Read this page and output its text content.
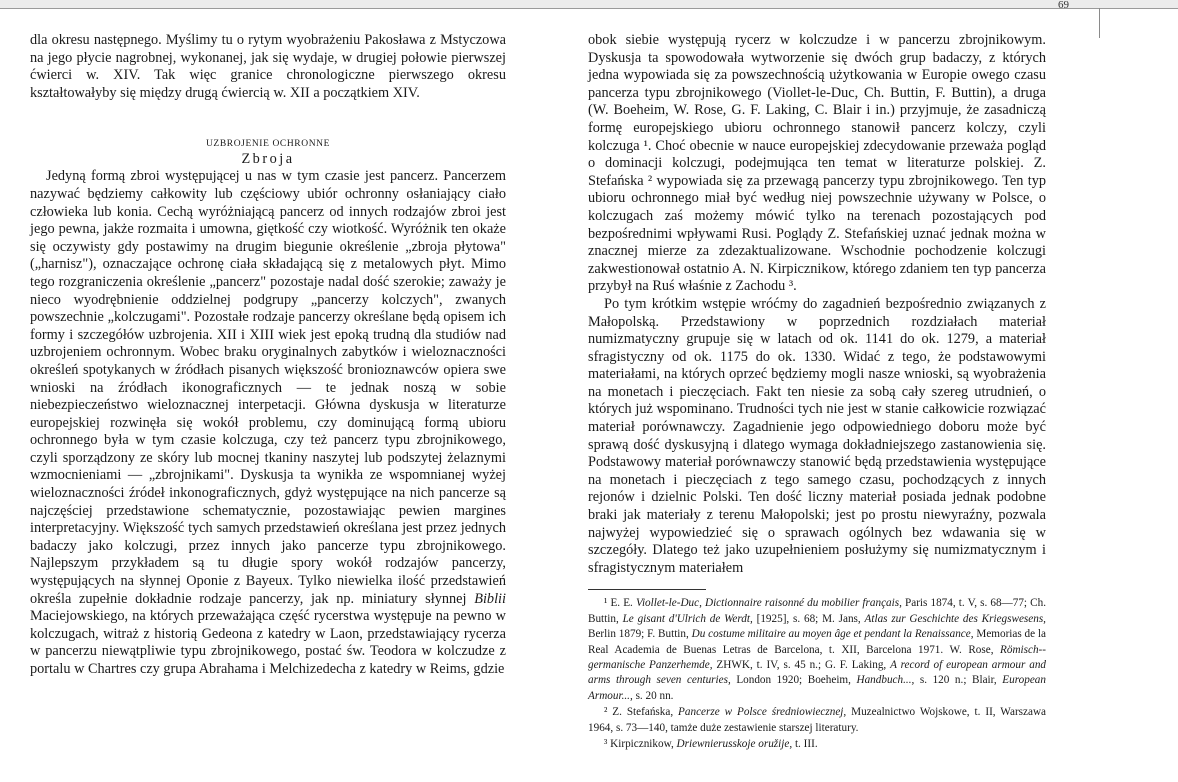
69

dla okresu następnego. Myślimy tu o rytym wyobrażeniu Pakosława z Mstyczowa na jego płycie nagrobnej, wykonanej, jak się wydaje, w drugiej połowie pierwszej ćwierci w. XIV. Tak więc granice chronologiczne pierwszego okresu kształtowałyby się między drugą ćwiercią w. XII a początkiem XIV.

UZBROJENIE OCHRONNE

Zbroja

Jedyną formą zbroi występującej u nas w tym czasie jest pancerz. Pancerzem nazywać będziemy całkowity lub częściowy ubiór ochronny osłaniający ciało człowieka lub konia. Cechą wyróżniającą pancerz od innych rodzajów zbroi jest jego pewna, jakże rozmaita i umowna, giętkość czy wiotkość. Wyróżnik ten okaże się oczywisty gdy postawimy na drugim biegunie określenie „zbroja płytowa" („harnisz"), oznaczające ochronę ciała składającą się z metalowych płyt. Mimo tego rozgraniczenia określenie „pancerz" pozostaje nadal dość szerokie; zaważy je nieco wyodrębnienie oddzielnej podgrupy „pancerzy kolczych", zwanych powszechnie „kolczugami". Pozostałe rodzaje pancerzy określane będą opisem ich formy i szczegółów uzbrojenia. XII i XIII wiek jest epoką trudną dla studiów nad uzbrojeniem ochronnym. Wobec braku oryginalnych zabytków i wieloznaczności określeń spotykanych w źródłach pisanych większość bronioznawców opiera swe wnioski na źródłach ikonograficznych — te jednak noszą w sobie niebezpieczeństwo wieloznacznej interpetacji. Główna dyskusja w literaturze europejskiej rozwinęła się wokół problemu, czy dominującą formą ubioru ochronnego była w tym czasie kolczuga, czy też pancerz typu zbrojnikowego, czyli sporządzony ze skóry lub mocnej tkaniny naszytej lub podszytej żelaznymi wzmocnieniami — „zbrojnikami". Dyskusja ta wynikła ze wspomnianej wyżej wieloznaczności źródeł inkonograficznych, gdyż występujące na nich pancerze są najczęściej przedstawione schematycznie, pozostawiając pewien margines interpretacyjny. Większość tych samych przedstawień określana jest przez jednych badaczy jako kolczugi, przez innych jako pancerze typu zbrojnikowego. Najlepszym przykładem są tu długie spory wokół rodzajów pancerzy, występujących na słynnej Oponie z Bayeux. Tylko niewielka ilość przedstawień określa zupełnie dokładnie rodzaje pancerzy, jak np. miniatury słynnej Biblii Maciejowskiego, na których przeważająca część rycerstwa występuje na pewno w kolczugach, witraż z historią Gedeona z katedry w Laon, przedstawiający rycerza w pancerzu niewątpliwie typu zbrojnikowego, postać św. Teodora w kolczudze z portalu w Chartres czy grupa Abrahama i Melchizedecha z katedry w Reims, gdzie

obok siebie występują rycerz w kolczudze i w pancerzu zbrojnikowym. Dyskusja ta spowodowała wytworzenie się dwóch grup badaczy, z których jedna wypowiada się za powszechnością użytkowania w Europie owego czasu pancerza typu zbrojnikowego (Viollet-le-Duc, Ch. Buttin, F. Buttin), a druga (W. Boeheim, W. Rose, G. F. Laking, C. Blair i in.) przyjmuje, że zasadniczą formę europejskiego ubioru ochronnego stanowił pancerz kolczy, czyli kolczuga ¹. Choć obecnie w nauce europejskiej zdecydowanie przeważa pogląd o dominacji kolczugi, podejmująca ten temat w literaturze polskiej. Z. Stefańska ² wypowiada się za przewagą pancerzy typu zbrojnikowego. Ten typ ubioru ochronnego miał być według niej powszechnie używany w Polsce, o kolczugach zaś możemy mówić tylko na terenach pozostających pod bezpośrednimi wpływami Rusi. Poglądy Z. Stefańskiej uznać jednak można w znacznej mierze za zdezaktualizowane. Wschodnie pochodzenie kolczugi zakwestionował ostatnio A. N. Kirpicznikow, którego zdaniem ten typ pancerza przybył na Ruś właśnie z Zachodu ³.

Po tym krótkim wstępie wróćmy do zagadnień bezpośrednio związanych z Małopolską. Przedstawiony w poprzednich rozdziałach materiał numizmatyczny grupuje się w latach od ok. 1141 do ok. 1279, a materiał sfragistyczny od ok. 1175 do ok. 1330. Widać z tego, że podstawowymi materiałami, na których oprzeć będziemy mogli nasze wnioski, są wyobrażenia na monetach i pieczęciach. Fakt ten niesie za sobą cały szereg utrudnień, o których już wspominano. Trudności tych nie jest w stanie całkowicie rozwiązać materiał porównawczy. Zagadnienie jego odpowiedniego doboru może być sprawą dość dyskusyjną i dlatego wymaga dokładniejszego zastanowienia się. Podstawowy materiał porównawczy stanowić będą przedstawienia występujące na monetach i pieczęciach z tego samego czasu, pochodzących z innych rejonów i dzielnic Polski. Ten dość liczny materiał posiada jednak podobne braki jak materiały z terenu Małopolski; jest po prostu niewyraźny, pozwala najwyżej wypowiedzieć się o sprawach ogólnych bez wdawania się w szczegóły. Dlatego też jako uzupełnieniem posłużymy się numizmatycznym i sfragistycznym materiałem

¹ E. E. Viollet-le-Duc, Dictionnaire raisonné du mobilier français, Paris 1874, t. V, s. 68—77; Ch. Buttin, Le gisant d'Ulrich de Werdt, [1925], s. 68; M. Jans, Atlas zur Geschichte des Kriegswesens, Berlin 1879; F. Buttin, Du costume militaire au moyen âge et pendant la Renaissance, Memorias de la Real Academia de Buenas Letras de Barcelona, t. XII, Barcelona 1971. W. Rose, Römisch--germanische Panzerhemde, ZHWK, t. IV, s. 45 n.; G. F. Laking, A record of european armour and arms through seven centuries, London 1920; Boeheim, Handbuch..., s. 120 n.; Blair, European Armour..., s. 20 nn.

² Z. Stefańska, Pancerze w Polsce średniowiecznej, Muzealnictwo Wojskowe, t. II, Warszawa 1964, s. 73—140, tamże duże zestawienie starszej literatury.

³ Kirpicznikow, Driewnierusskoje oružije, t. III.
